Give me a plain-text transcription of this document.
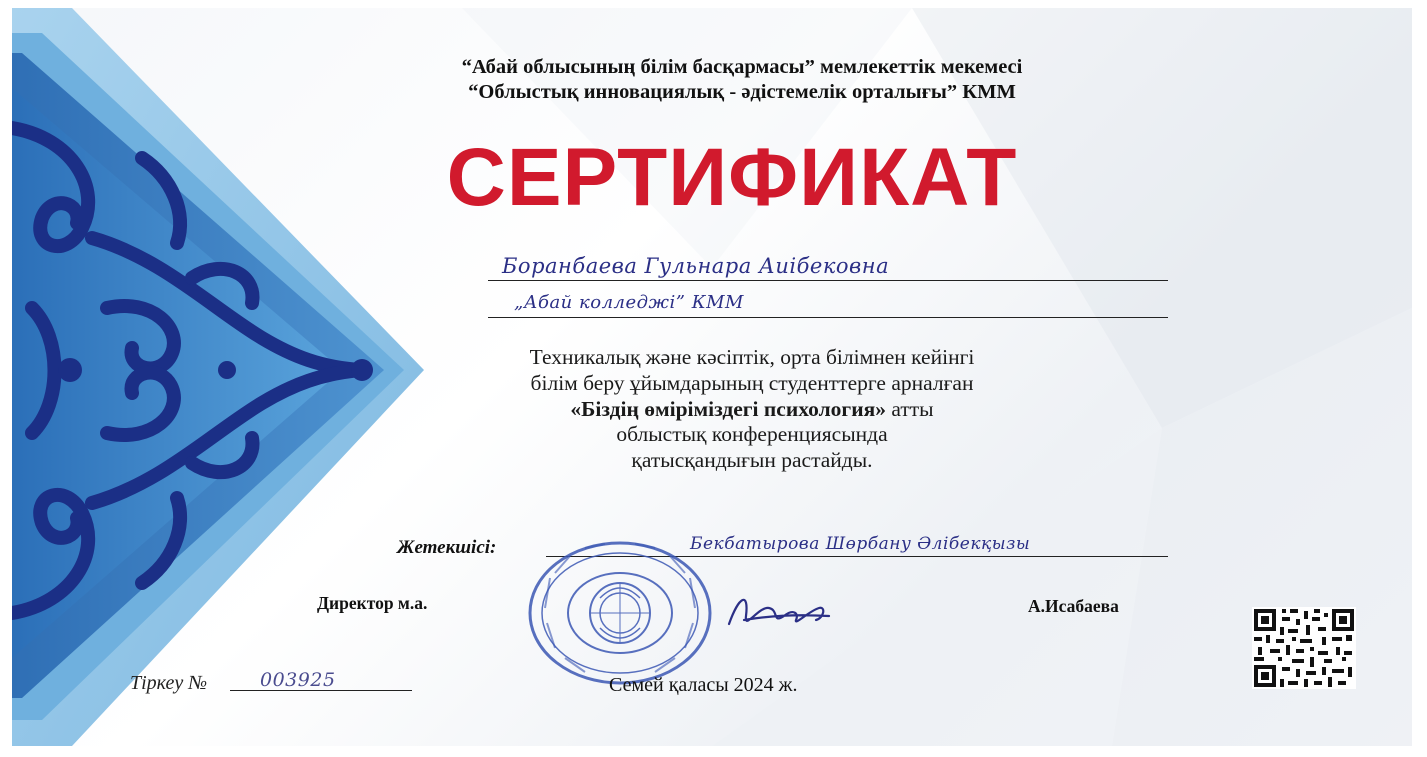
“Абай облысының білім басқармасы” мемлекеттік мекемесі
“Облыстық инновациялық - әдістемелік орталығы” КММ
СЕРТИФИКАТ
Боранбаева Гульнара Аиібековна
„Абай колледжі” КММ
Техникалық және кәсіптік, орта білімнен кейінгі
білім беру ұйымдарының студенттерге арналған
«Біздің өміріміздегі психология» атты
облыстық конференциясында
қатысқандығын растайды.
Жетекшісі:	Бекбатырова Шөрбану Әлібекқызы
Директор м.а.	А.Исабаева
Тіркеу №	003925	Семей қаласы 2024 ж.
